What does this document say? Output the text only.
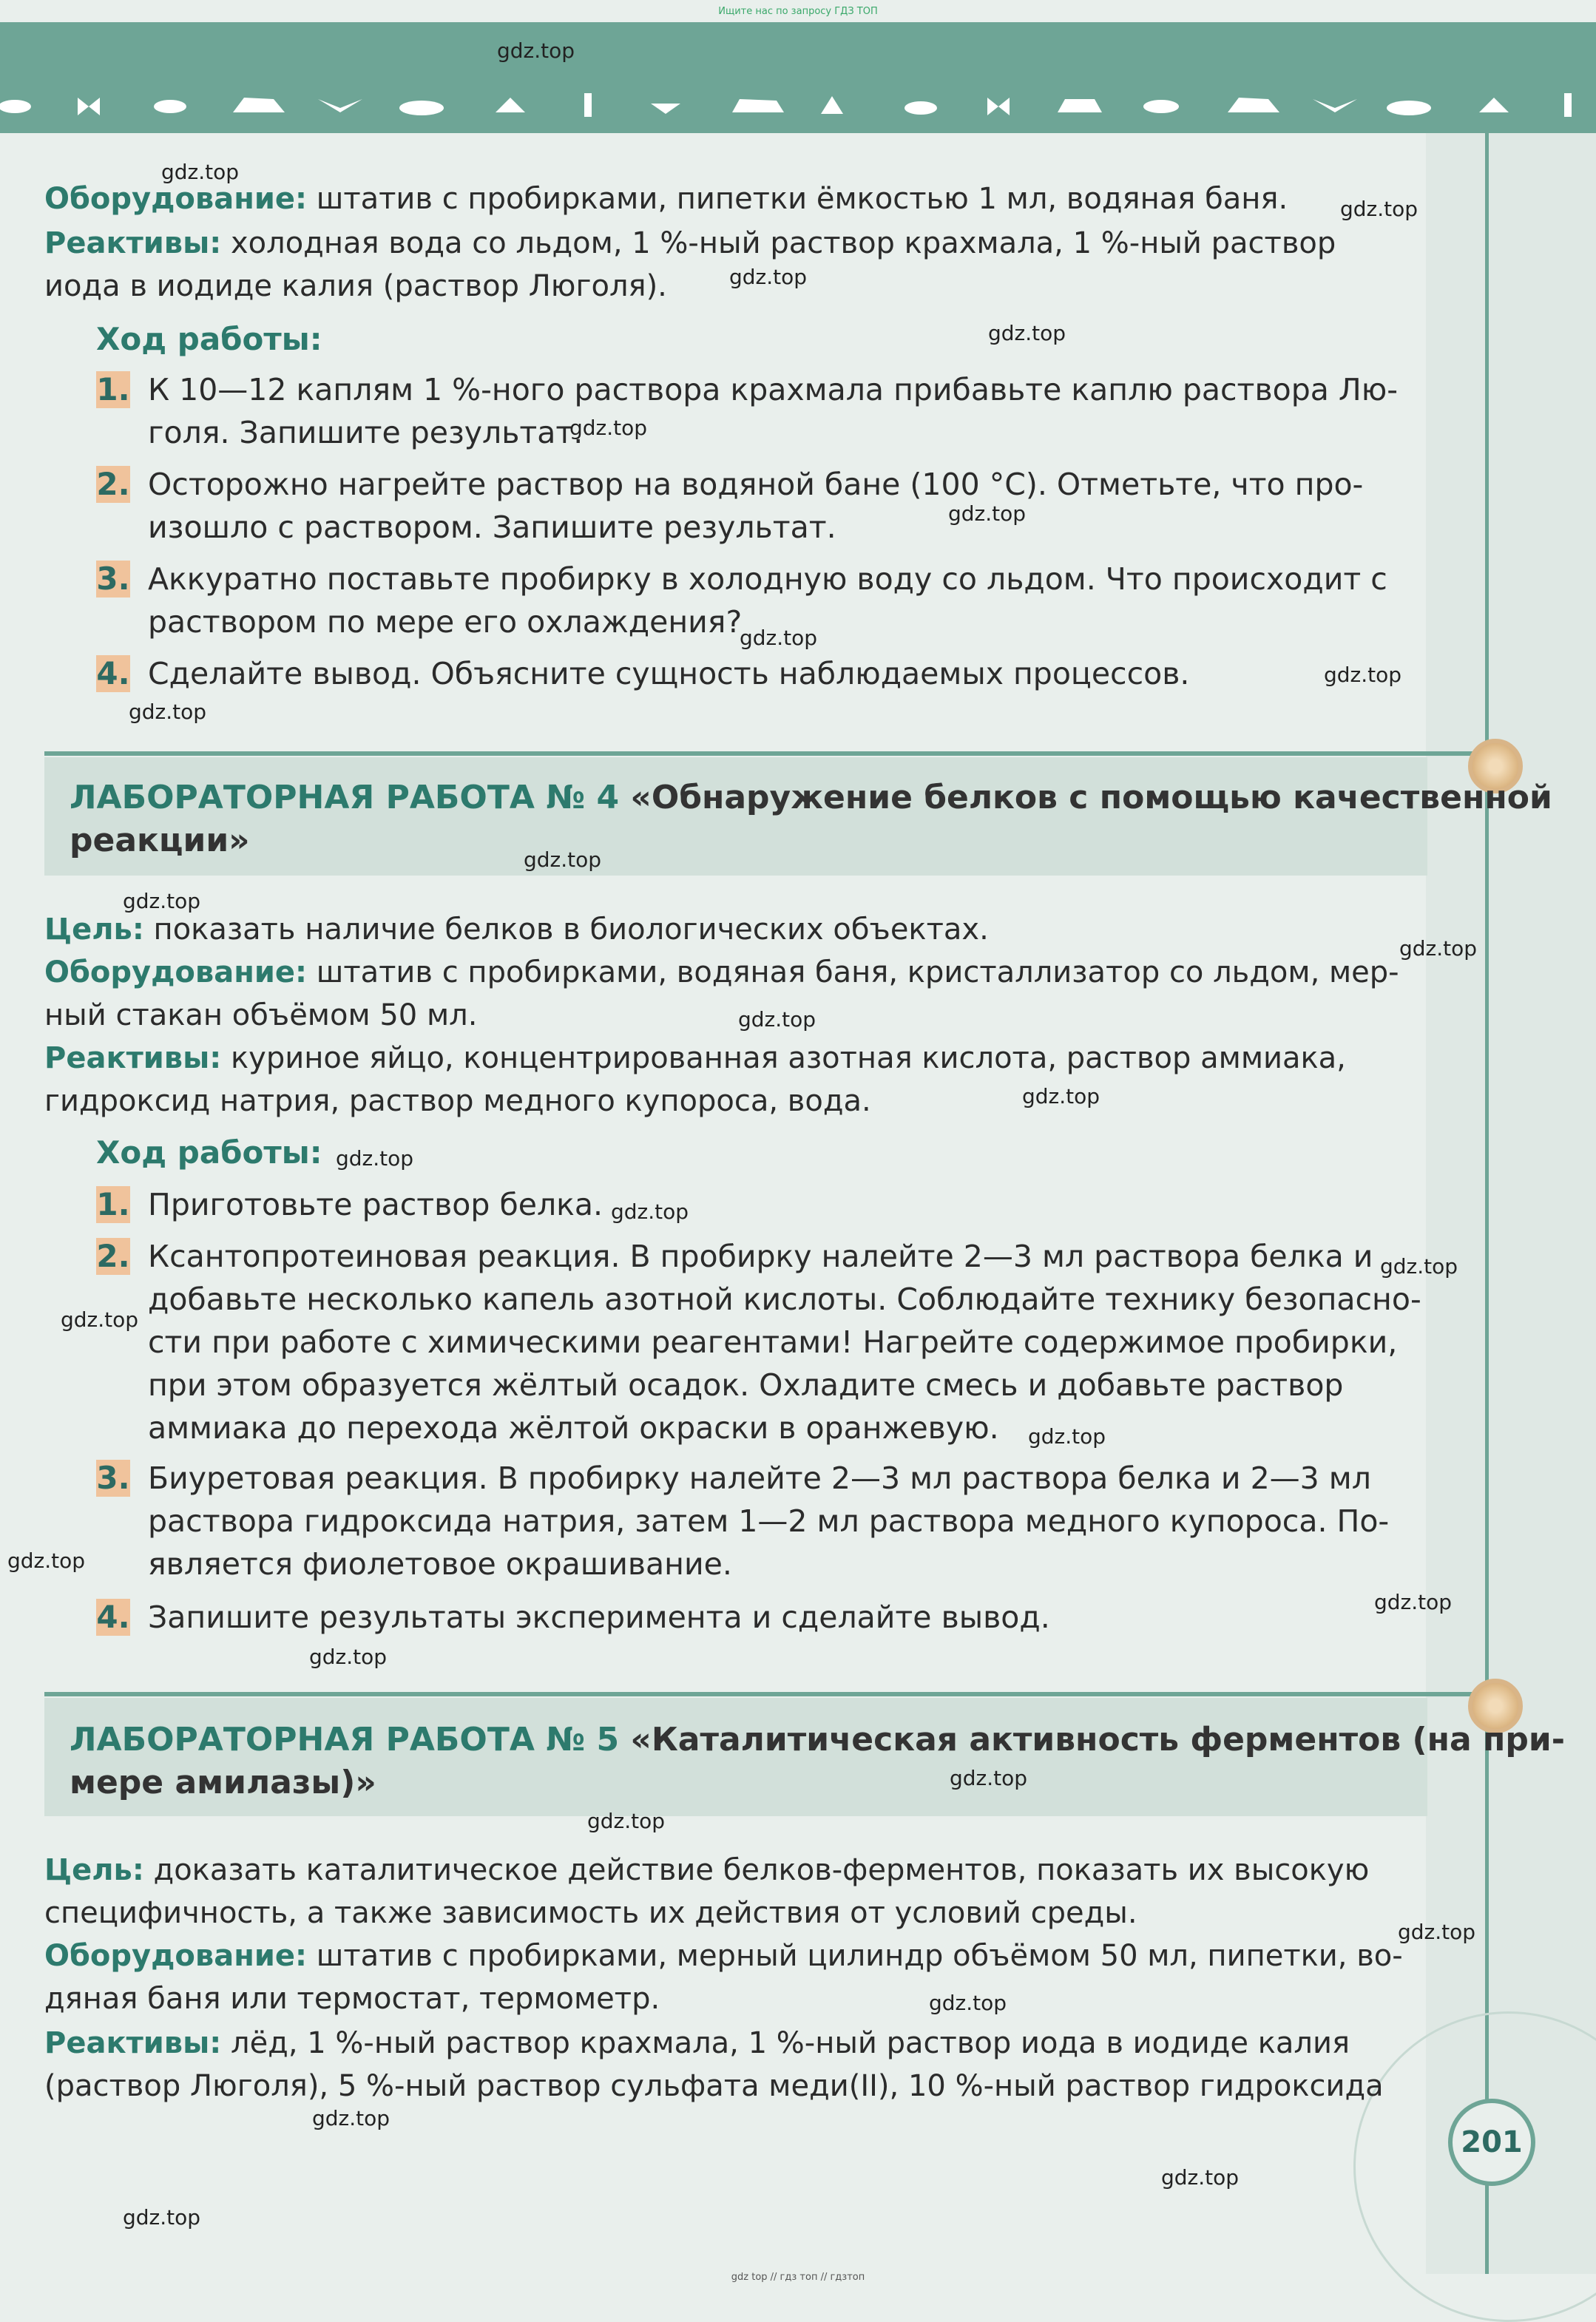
Ищите нас по запросу ГДЗ ТОП
Оборудование: штатив с пробирками, пипетки ёмкостью 1 мл, водяная баня.
Реактивы: холодная вода со льдом, 1 %-ный раствор крахмала, 1 %-ный раствор
иода в иодиде калия (раствор Люголя).
Ход работы:
1. К 10—12 каплям 1 %-ного раствора крахмала прибавьте каплю раствора Лю-
голя. Запишите результат.
2. Осторожно нагрейте раствор на водяной бане (100 °С). Отметьте, что про-
изошло с раствором. Запишите результат.
3. Аккуратно поставьте пробирку в холодную воду со льдом. Что происходит с
раствором по мере его охлаждения?
4. Сделайте вывод. Объясните сущность наблюдаемых процессов.
ЛАБОРАТОРНАЯ РАБОТА № 4 «Обнаружение белков с помощью качественной
реакции»
Цель: показать наличие белков в биологических объектах.
Оборудование: штатив с пробирками, водяная баня, кристаллизатор со льдом, мер-
ный стакан объёмом 50 мл.
Реактивы: куриное яйцо, концентрированная азотная кислота, раствор аммиака,
гидроксид натрия, раствор медного купороса, вода.
Ход работы:
1. Приготовьте раствор белка.
2. Ксантопротеиновая реакция. В пробирку налейте 2—3 мл раствора белка и
добавьте несколько капель азотной кислоты. Соблюдайте технику безопасно-
сти при работе с химическими реагентами! Нагрейте содержимое пробирки,
при этом образуется жёлтый осадок. Охладите смесь и добавьте раствор
аммиака до перехода жёлтой окраски в оранжевую.
3. Биуретовая реакция. В пробирку налейте 2—3 мл раствора белка и 2—3 мл
раствора гидроксида натрия, затем 1—2 мл раствора медного купороса. По-
является фиолетовое окрашивание.
4. Запишите результаты эксперимента и сделайте вывод.
ЛАБОРАТОРНАЯ РАБОТА № 5 «Каталитическая активность ферментов (на при-
мере амилазы)»
Цель: доказать каталитическое действие белков-ферментов, показать их высокую
специфичность, а также зависимость их действия от условий среды.
Оборудование: штатив с пробирками, мерный цилиндр объёмом 50 мл, пипетки, во-
дяная баня или термостат, термометр.
Реактивы: лёд, 1 %-ный раствор крахмала, 1 %-ный раствор иода в иодиде калия
(раствор Люголя), 5 %-ный раствор сульфата меди(II), 10 %-ный раствор гидроксида
201
gdz.top
gdz.top
gdz.top
gdz.top
gdz.top
gdz.top
gdz.top
gdz.top
gdz.top
gdz.top
gdz.top
gdz.top
gdz.top
gdz.top
gdz.top
gdz.top
gdz.top
gdz.top
gdz.top
gdz.top
gdz.top
gdz.top
gdz.top
gdz.top
gdz.top
gdz.top
gdz.top
gdz.top
gdz.top
gdz.top
gdz top // гдз топ // гдзтоп
